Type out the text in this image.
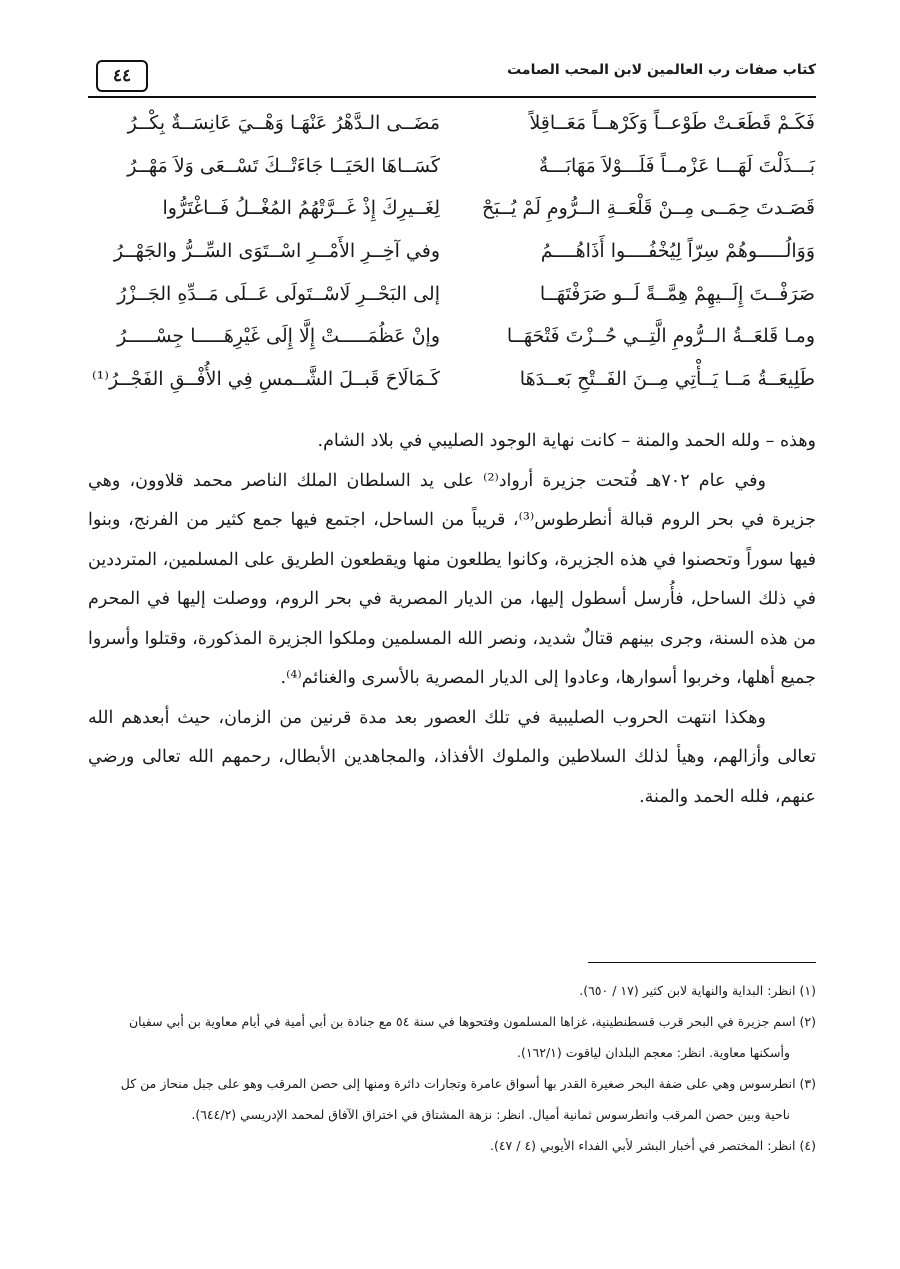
٤٤	كتاب صفات رب العالمين لابن المحب الصامت
فَكَـمْ قَطَعَـتْ طَوْعــاً وَكَرْهــاً مَعَــاقِلاً
مَضَــى الـدَّهْرُ عَنْهَـا وَهْــيَ عَانِسَــةٌ بِكْــرُ
بَـــذَلْتَ لَهَـــا عَزْمــاً فَلَـــوْلاَ مَهَابَـــةٌ
كَسَــاهَا الحَيَــا جَاءَتْــكَ تَسْــعَى وَلاَ مَهْــرُ
قَصَـدتَ حِمَــى مِــنْ قَلْعَــةِ الــرُّومِ لَمْ يُــبَحْ
لِغَــيرِكَ إِذْ غَــرَّتْهُمُ المُغْــلُ فَــاغْتَرُّوا
وَوَالُـــــوهُمْ سِرّاً لِيُخْفُــــوا أَذَاهُــــمُ
وفي آخِــرِ الأَمْــرِ اسْــتَوَى السِّــرُّ والجَهْــرُ
صَرَفْــتَ إِلَــيهِمْ هِمَّــةً لَــو صَرَفْتَهَــا
إلى البَحْــرِ لَاسْــتَولَى عَــلَى مَــدِّهِ الجَــزْرُ
ومـا قَلعَــةُ الــرُّومِ الَّتِــي حُــزْتَ فَتْحَهَــا
وإنْ عَظُمَـــــتْ إِلَّا إِلَى غَيْرِهَـــــا جِسْـــــرُ
طَلِيعَــةُ مَــا يَــأْتِي مِــنَ الفَــتْحِ بَعــدَهَا
كَـمَالَاحَ قَبــلَ الشَّــمسِ فِي الأُفْــقِ الفَجْــرُ⁽¹⁾

وهذه – ولله الحمد والمنة – كانت نهاية الوجود الصليبي في بلاد الشام.

وفي عام ٧٠٢هـ فُتحت جزيرة أرواد⁽²⁾ على يد السلطان الملك الناصر محمد قلاوون، وهي جزيرة في بحر الروم قبالة أنطرطوس⁽³⁾، قريباً من الساحل، اجتمع فيها جمع كثير من الفرنج، وبنوا فيها سوراً وتحصنوا في هذه الجزيرة، وكانوا يطلعون منها ويقطعون الطريق على المسلمين، المترددين في ذلك الساحل، فأُرسل أسطول إليها، من الديار المصرية في بحر الروم، ووصلت إليها في المحرم من هذه السنة، وجرى بينهم قتالٌ شديد، ونصر الله المسلمين وملكوا الجزيرة المذكورة، وقتلوا وأسروا جميع أهلها، وخربوا أسوارها، وعادوا إلى الديار المصرية بالأسرى والغنائم⁽⁴⁾.

وهكذا انتهت الحروب الصليبية في تلك العصور بعد مدة قرنين من الزمان، حيث أبعدهم الله تعالى وأزالهم، وهيأ لذلك السلاطين والملوك الأفذاذ، والمجاهدين الأبطال، رحمهم الله تعالى ورضي عنهم، فلله الحمد والمنة.

(١) انظر: البداية والنهاية لابن كثير (١٧ / ٦٥٠).

(٢) اسم جزيرة في البحر قرب قسطنطينية، غزاها المسلمون وفتحوها في سنة ٥٤ مع جنادة بن أبي أمية في أيام معاوية بن أبي سفيان

وأسكنها معاوية. انظر: معجم البلدان لياقوت (١٦٢/١).

(٣) انطرسوس وهي على ضفة البحر صغيرة القدر بها أسواق عامرة وتجارات دائرة ومنها إلى حصن المرقب وهو على جبل منحاز من كل

ناحية وبين حصن المرقب وانطرسوس ثمانية أميال. انظر: نزهة المشتاق في اختراق الآفاق لمحمد الإدريسي (٦٤٤/٢).

(٤) انظر: المختصر في أخبار البشر لأبي الفداء الأيوبي (٤ / ٤٧).
